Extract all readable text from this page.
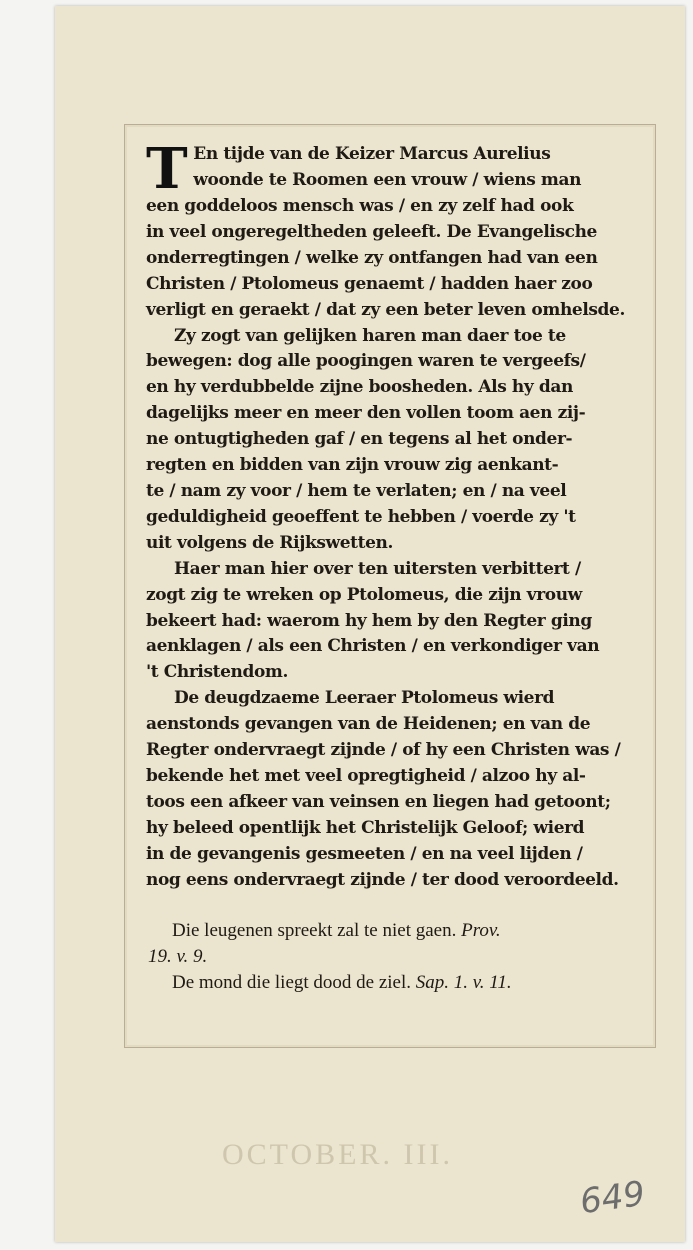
T En tijde van de Keizer Marcus Aurelius
woonde te Roomen een vrouw / wiens man
een goddeloos mensch was / en zy zelf had ook
in veel ongeregeltheden geleeft. De Evangelische
onderregtingen / welke zy ontfangen had van een
Christen / Ptolomeus genaemt / hadden haer zoo
verligt en geraekt / dat zy een beter leven omhelsde.
Zy zogt van gelijken haren man daer toe te
bewegen: dog alle poogingen waren te vergeefs/
en hy verdubbelde zijne boosheden. Als hy dan
dagelijks meer en meer den vollen toom aen zij-
ne ontugtigheden gaf / en tegens al het onder-
regten en bidden van zijn vrouw zig aenkant-
te / nam zy voor / hem te verlaten; en / na veel
geduldigheid geoeffent te hebben / voerde zy 't
uit volgens de Rijkswetten.
Haer man hier over ten uitersten verbittert /
zogt zig te wreken op Ptolomeus, die zijn vrouw
bekeert had: waerom hy hem by den Regter ging
aenklagen / als een Christen / en verkondiger van
't Christendom.
De deugdzaeme Leeraer Ptolomeus wierd
aenstonds gevangen van de Heidenen; en van de
Regter ondervraegt zijnde / of hy een Christen was /
bekende het met veel opregtigheid / alzoo hy al-
toos een afkeer van veinsen en liegen had getoont;
hy beleed opentlijk het Christelijk Geloof; wierd
in de gevangenis gesmeeten / en na veel lijden /
nog eens ondervraegt zijnde / ter dood veroordeeld.
Die leugenen spreekt zal te niet gaen. Prov.
19. v. 9.
De mond die liegt dood de ziel. Sap. 1. v. 11.
OCTOBER. III.
649
